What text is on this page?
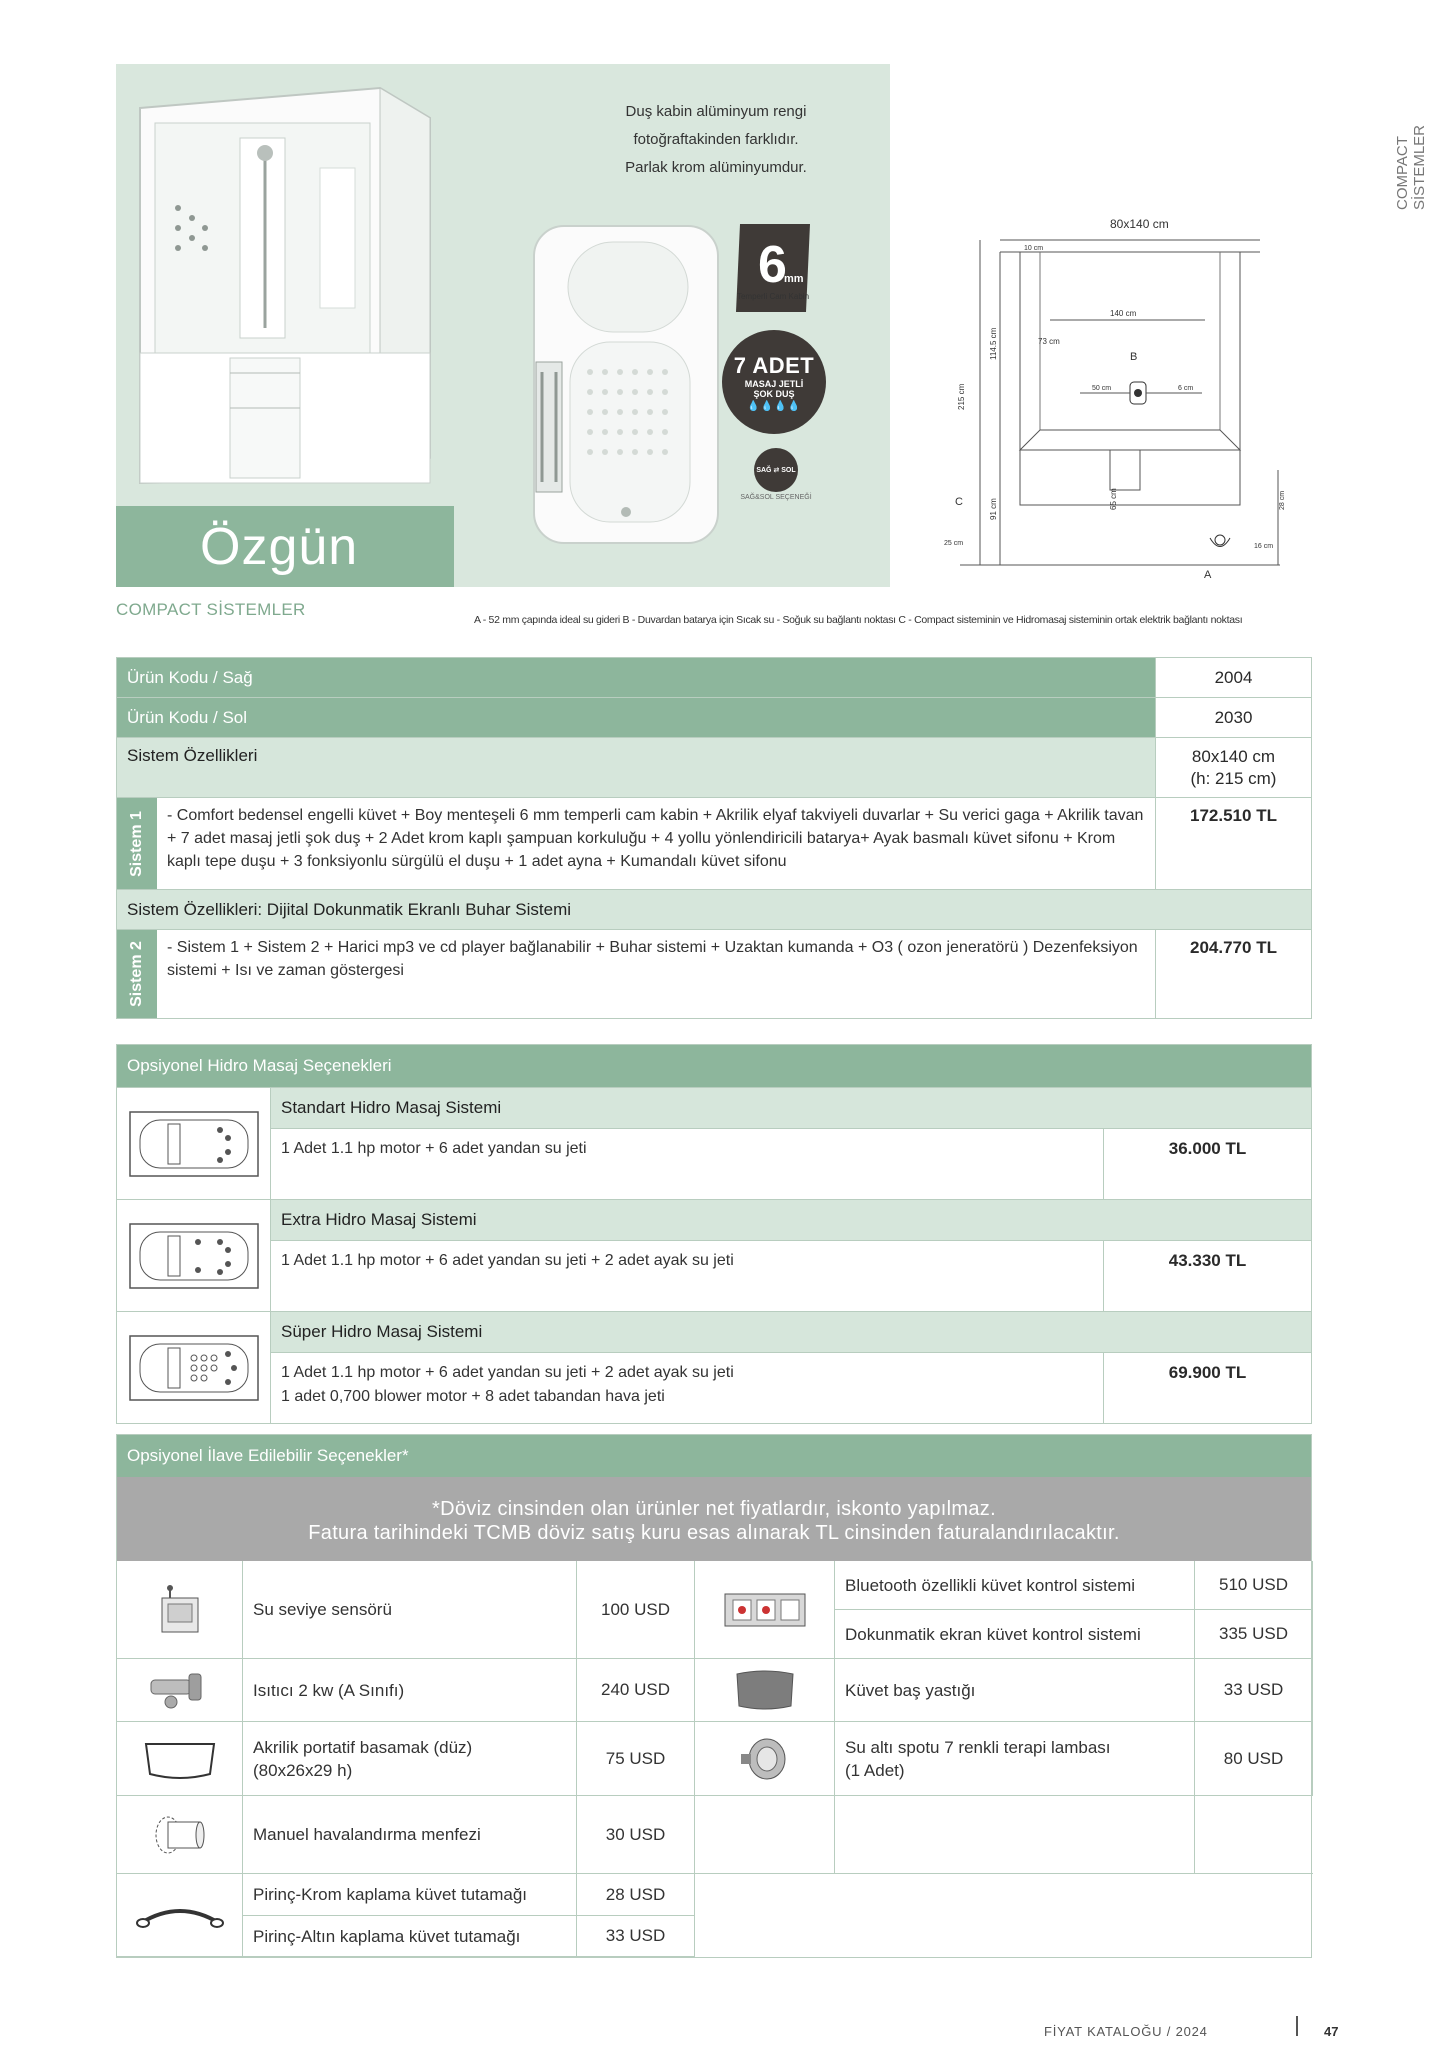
Özgün
Duş kabin alüminyum rengi
fotoğraftakinden farklıdır.
Parlak krom alüminyumdur.
6
mm
Temperli Cam Kabin
7 ADET
MASAJ JETLİ
ŞOK DUŞ
💧💧💧💧
SAĞ ⇄ SOL
SAĞ&SOL SEÇENEĞİ
80x140 cm
140 cm
73 cm
B
50 cm	6 cm
10 cm
215 cm
114.5 cm
91 cm	65 cm	28 cm
C
25 cm	16 cm
A
COMPACT SİSTEMLER
COMPACT SİSTEMLER
A - 52 mm çapında ideal su gideri B - Duvardan batarya için Sıcak su - Soğuk su bağlantı noktası C - Compact sisteminin ve Hidromasaj sisteminin ortak elektrik bağlantı noktası
Ürün Kodu / Sağ	2004
Ürün Kodu / Sol	2030
Sistem Özellikleri	80x140 cm
(h: 215 cm)
Sistem 1	- Comfort bedensel engelli küvet + Boy menteşeli 6 mm temperli cam kabin + Akrilik elyaf takviyeli duvarlar + Su verici gaga + Akrilik tavan + 7 adet masaj jetli şok duş + 2 Adet krom kaplı şampuan korkuluğu + 4 yollu yönlendiricili batarya+ Ayak basmalı küvet sifonu + Krom kaplı tepe duşu + 3 fonksiyonlu sürgülü el duşu + 1 adet ayna + Kumandalı küvet sifonu
172.510 TL
Sistem Özellikleri: Dijital Dokunmatik Ekranlı Buhar Sistemi
Sistem 2	- Sistem 1 + Sistem 2 + Harici mp3 ve cd player bağlanabilir + Buhar sistemi + Uzaktan kumanda + O3 ( ozon jeneratörü ) Dezenfeksiyon sistemi + Isı ve zaman göstergesi
204.770 TL
Opsiyonel Hidro Masaj Seçenekleri
Standart Hidro Masaj Sistemi
1 Adet 1.1 hp motor + 6 adet yandan su jeti	36.000 TL
Extra Hidro Masaj Sistemi
1 Adet 1.1 hp motor + 6 adet yandan su jeti + 2 adet ayak su jeti	43.330 TL
Süper Hidro Masaj Sistemi
1 Adet 1.1 hp motor + 6 adet yandan su jeti + 2 adet ayak su jeti
1 adet 0,700 blower motor + 8 adet tabandan hava jeti
69.900 TL
Opsiyonel İlave Edilebilir Seçenekler*
*Döviz cinsinden olan ürünler net fiyatlardır, iskonto yapılmaz.
Fatura tarihindeki TCMB döviz satış kuru esas alınarak TL cinsinden faturalandırılacaktır.
Su seviye sensörü	100 USD
Isıtıcı 2 kw (A Sınıfı)	240 USD
Akrilik portatif basamak (düz)
(80x26x29 h)
75 USD
Manuel havalandırma menfezi	30 USD
Pirinç-Krom kaplama küvet tutamağı	28 USD
Pirinç-Altın kaplama küvet tutamağı	33 USD
Bluetooth özellikli küvet kontrol sistemi	510 USD
Dokunmatik ekran küvet kontrol sistemi	335 USD
Küvet baş yastığı	33 USD
Su altı spotu 7 renkli terapi lambası
(1 Adet)
80 USD
FİYAT KATALOĞU / 2024	47
